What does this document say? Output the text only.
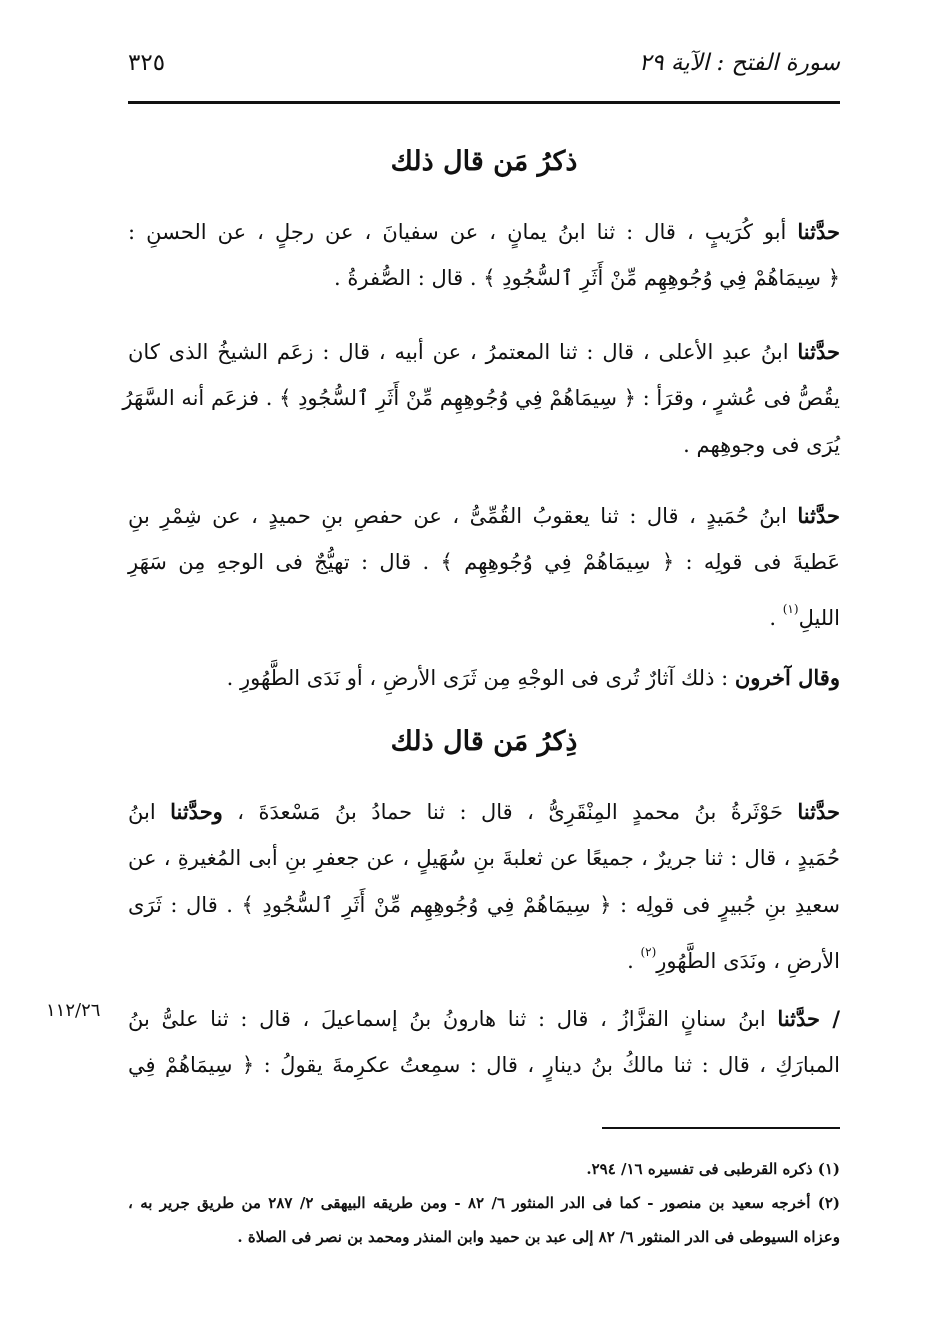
سورة الفتح : الآية ٢٩
٣٢٥
ذكرُ مَن قال ذلك
حدَّثنا أبو كُرَيبٍ ، قال : ثنا ابنُ يمانٍ ، عن سفيانَ ، عن رجلٍ ، عن الحسنِ :
﴿ سِيمَاهُمْ فِي وُجُوهِهِم مِّنْ أَثَرِ ٱلسُّجُودِ ﴾ . قال : الصُّفرةُ .
حدَّثنا ابنُ عبدِ الأعلى ، قال : ثنا المعتمرُ ، عن أبيه ، قال : زعَم الشيخُ الذى كان
يقُصُّ فى عُشرٍ ، وقرَأ : ﴿ سِيمَاهُمْ فِي وُجُوهِهِم مِّنْ أَثَرِ ٱلسُّجُودِ ﴾ . فزعَم أنه السَّهَرُ
يُرَى فى وجوهِهم .
حدَّثنا ابنُ حُمَيدٍ ، قال : ثنا يعقوبُ القُمِّىُّ ، عن حفصِ بنِ حميدٍ ، عن شِمْرِ بنِ
عَطيةَ فى قولِه : ﴿ سِيمَاهُمْ فِي وُجُوهِهِم ﴾ . قال : تهيُّجٌ فى الوجهِ مِن سَهَرِ
الليلِ$^{(١)}$ .
وقال آخرون : ذلك آثارٌ تُرى فى الوجْهِ مِن ثَرَى الأرضِ ، أو نَدَى الطَّهُورِ .
ذِكرُ مَن قال ذلك
حدَّثنا حَوْثَرةُ بنُ محمدٍ المِنْقَرِىُّ ، قال : ثنا حمادُ بنُ مَسْعدَةَ ، وحدَّثنا ابنُ
حُمَيدٍ ، قال : ثنا جريرٌ ، جميعًا عن ثعلبةَ بنِ سُهَيلٍ ، عن جعفرِ بنِ أبى المُغيرةِ ، عن
سعيدِ بنِ جُبيرٍ فى قولِه : ﴿ سِيمَاهُمْ فِي وُجُوهِهِم مِّنْ أَثَرِ ٱلسُّجُودِ ﴾ . قال : ثَرَى
الأرضِ ، ونَدَى الطَّهُورِ$^{(٢)}$ .
/ حدَّثنا ابنُ سنانٍ القزَّازُ ، قال : ثنا هارونُ بنُ إسماعيلَ ، قال : ثنا علىُّ بنُ
المبارَكِ ، قال : ثنا مالكُ بنُ دينارٍ ، قال : سمِعتُ عكرِمةَ يقولُ : ﴿ سِيمَاهُمْ فِي
١١٢/٢٦
(١) ذكره القرطبى فى تفسيره ١٦/ ٢٩٤.
(٢) أخرجه سعيد بن منصور - كما فى الدر المنثور ٦/ ٨٢ - ومن طريقه البيهقى ٢/ ٢٨٧ من طريق جرير به ،
وعزاه السيوطى فى الدر المنثور ٦/ ٨٢ إلى عبد بن حميد وابن المنذر ومحمد بن نصر فى الصلاة .
